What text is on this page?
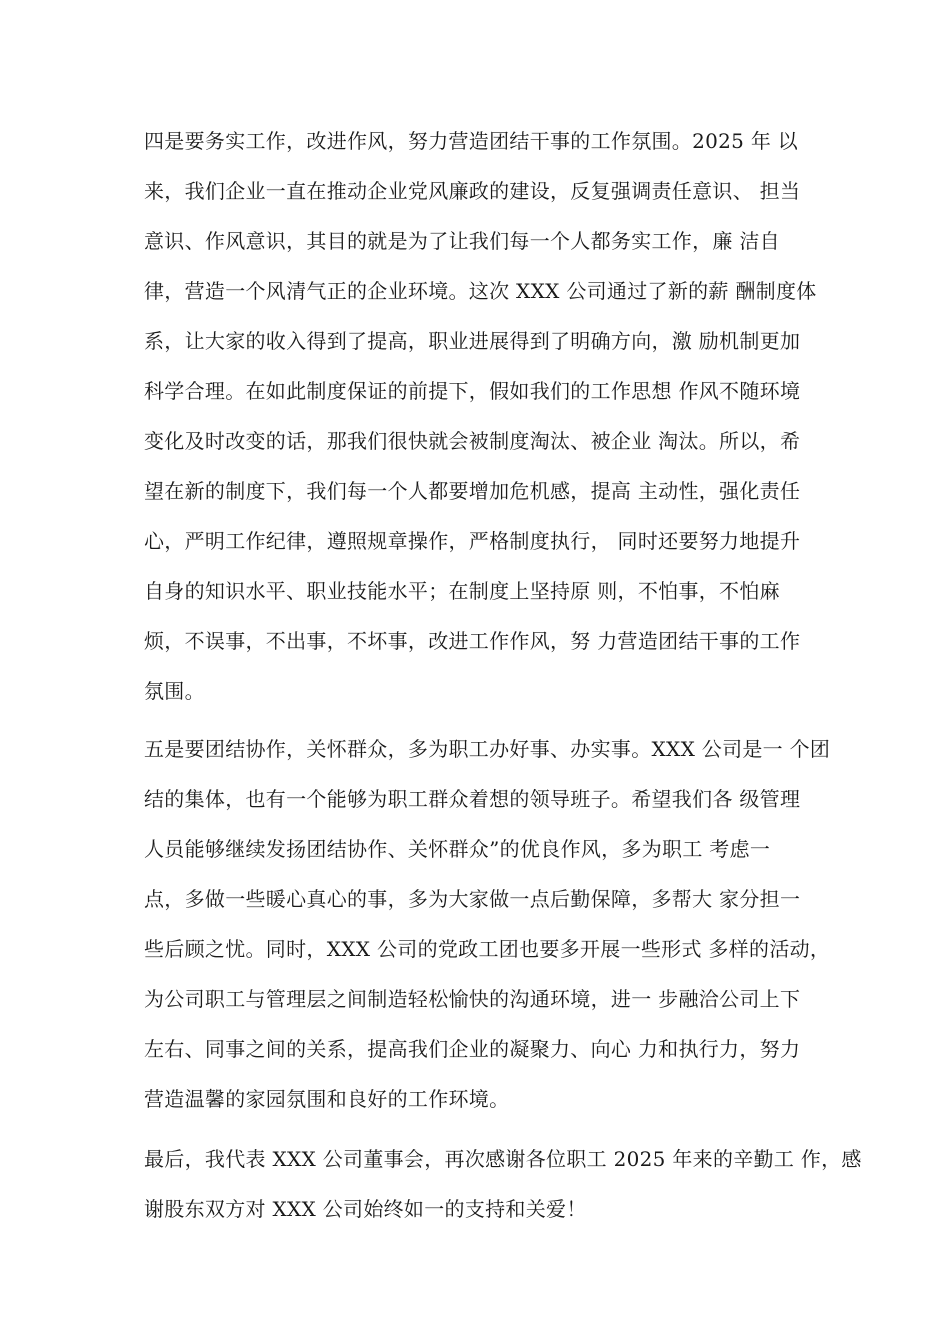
四是要务实工作，改进作风，努力营造团结干事的工作氛围。2025 年 以
来，我们企业一直在推动企业党风廉政的建设，反复强调责任意识、 担当
意识、作风意识，其目的就是为了让我们每一个人都务实工作，廉 洁自
律，营造一个风清气正的企业环境。这次 XXX 公司通过了新的薪 酬制度体
系，让大家的收入得到了提高，职业进展得到了明确方向，激 励机制更加
科学合理。在如此制度保证的前提下，假如我们的工作思想 作风不随环境
变化及时改变的话，那我们很快就会被制度淘汰、被企业 淘汰。所以，希
望在新的制度下，我们每一个人都要增加危机感，提高 主动性，强化责任
心，严明工作纪律，遵照规章操作，严格制度执行， 同时还要努力地提升
自身的知识水平、职业技能水平；在制度上坚持原 则，不怕事，不怕麻
烦，不误事，不出事，不坏事，改进工作作风，努 力营造团结干事的工作
氛围。
五是要团结协作，关怀群众，多为职工办好事、办实事。XXX 公司是一 个团
结的集体，也有一个能够为职工群众着想的领导班子。希望我们各 级管理
人员能够继续发扬团结协作、关怀群众”的优良作风，多为职工 考虑一
点，多做一些暖心真心的事，多为大家做一点后勤保障，多帮大 家分担一
些后顾之忧。同时，XXX 公司的党政工团也要多开展一些形式 多样的活动，
为公司职工与管理层之间制造轻松愉快的沟通环境，进一 步融洽公司上下
左右、同事之间的关系，提高我们企业的凝聚力、向心 力和执行力，努力
营造温馨的家园氛围和良好的工作环境。
最后，我代表 XXX 公司董事会，再次感谢各位职工 2025 年来的辛勤工 作，感
谢股东双方对 XXX 公司始终如一的支持和关爱！
